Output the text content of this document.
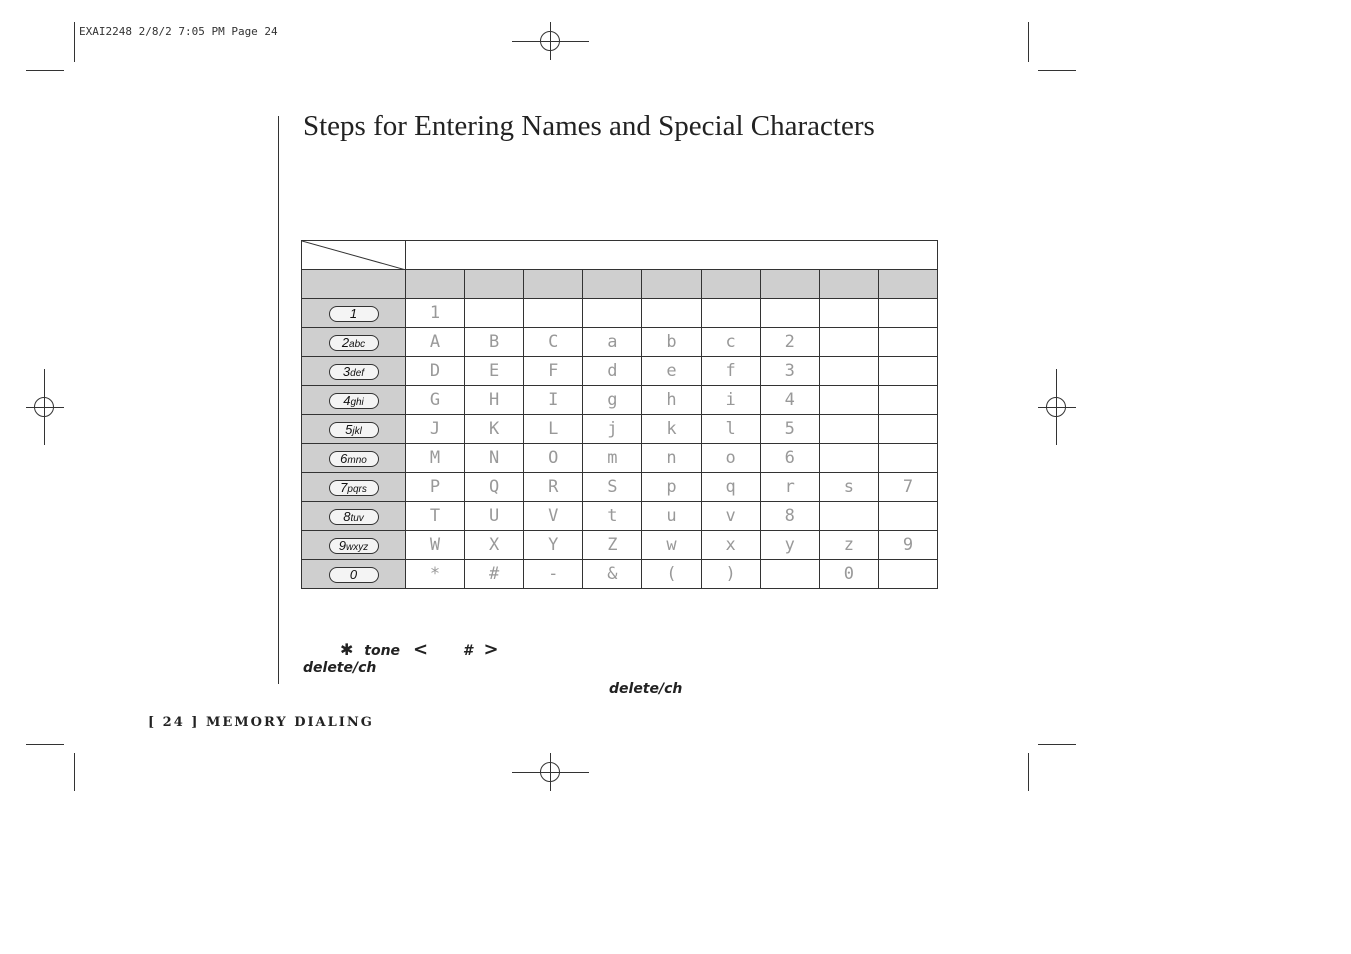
EXAI2248 2/8/2 7:05 PM Page 24
Steps for Entering Names and Special Characters

1	1								
2abc	A	B	C	a	b	c	2		
3def	D	E	F	d	e	f	3		
4ghi	G	H	I	g	h	i	4		
5jkl	J	K	L	j	k	l	5		
6mno	M	N	O	m	n	o	6		
7pqrs	P	Q	R	S	p	q	r	s	7
8tuv	T	U	V	t	u	v	8		
9wxyz	W	X	Y	Z	w	x	y	z	9
0	*	#	-	&	(	)		0	
✱ tone < # >
delete/ch
delete/ch
[ 24 ] MEMORY DIALING
